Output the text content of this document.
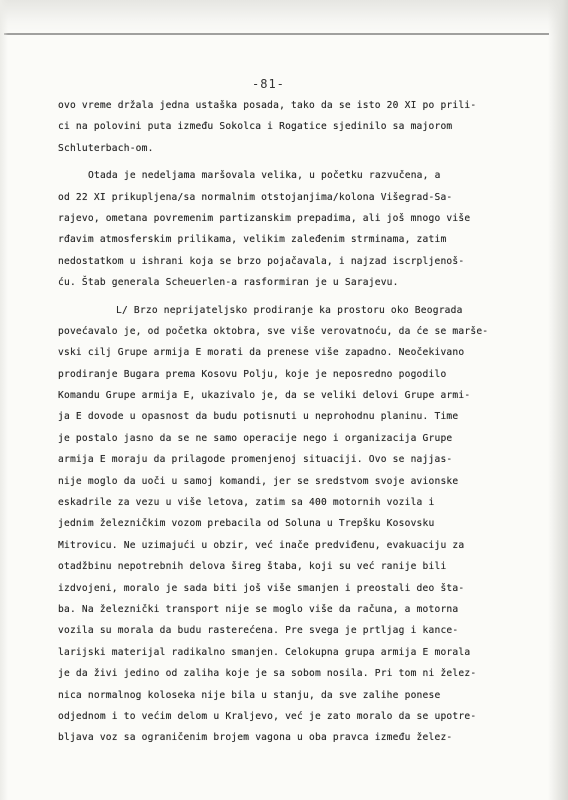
-81-
ovo vreme držala jedna ustaška posada, tako da se isto 20 XI po prili-
ci na polovini puta između Sokolca i Rogatice sjedinilo sa majorom
Schluterbach-om.
Otada je nedeljama maršovala velika, u početku razvučena, a
od 22 XI prikupljena/sa normalnim otstojanjima/kolona Višegrad-Sa-
rajevo, ometana povremenim partizanskim prepadima, ali još mnogo više
rđavim atmosferskim prilikama, velikim zaleđenim strminama, zatim
nedostatkom u ishrani koja se brzo pojačavala, i najzad iscrpljenoš-
ću. Štab generala Scheuerlen-a rasformiran je u Sarajevu.
L/ Brzo neprijateljsko prodiranje ka prostoru oko Beograda
povećavalo je, od početka oktobra, sve više verovatnoću, da će se marše-
vski cilj Grupe armija E morati da prenese više zapadno. Neočekivano
prodiranje Bugara prema Kosovu Polju, koje je neposredno pogodilo
Komandu Grupe armija E, ukazivalo je, da se veliki delovi Grupe armi-
ja E dovode u opasnost da budu potisnuti u neprohodnu planinu. Time
je postalo jasno da se ne samo operacije nego i organizacija Grupe
armija E moraju da prilagode promenjenoj situaciji. Ovo se najjas-
nije moglo da uoči u samoj komandi, jer se sredstvom svoje avionske
eskadrile za vezu u više letova, zatim sa 400 motornih vozila i
jednim železničkim vozom prebacila od Soluna u Trepšku Kosovsku
Mitrovicu. Ne uzimajući u obzir, već inače predviđenu, evakuaciju za
otadžbinu nepotrebnih delova šireg štaba, koji su već ranije bili
izdvojeni, moralo je sada biti još više smanjen i preostali deo šta-
ba. Na železnički transport nije se moglo više da računa, a motorna
vozila su morala da budu rasterećena. Pre svega je prtljag i kance-
larijski materijal radikalno smanjen. Celokupna grupa armija E morala
je da živi jedino od zaliha koje je sa sobom nosila. Pri tom ni želez-
nica normalnog koloseka nije bila u stanju, da sve zalihe ponese
odjednom i to većim delom u Kraljevo, već je zato moralo da se upotre-
bljava voz sa ograničenim brojem vagona u oba pravca između želez-
